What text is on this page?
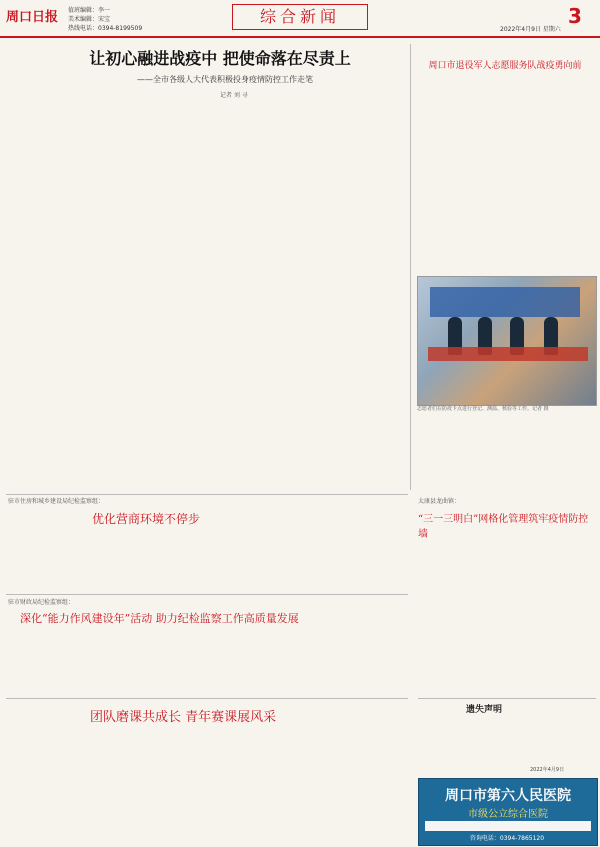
周口日报	值班编辑：李一
美术编辑：宋宝
热线电话：0394-8199509
综合新闻	3
2022年4月9日 星期六
让初心融进战疫中 把使命落在尽责上
——全市各级人大代表积极投身疫情防控工作走笔
记者 刘 寻
周口市退役军人志愿服务队战疫勇向前
志愿者们在防疫卡点进行登记、测温、核验等工作。记者 摄
驻市住房和城乡建设局纪检监察组：
优化营商环境不停步
太康县龙曲镇：
“三一三明白”网格化管理筑牢疫情防控墙
驻市财政局纪检监察组：
深化“能力作风建设年”活动 助力纪检监察工作高质量发展
团队磨课共成长 青年赛课展风采	遗失声明
2022年4月9日
周口市第六人民医院
市级公立综合医院
咨询电话：0394-7865120
